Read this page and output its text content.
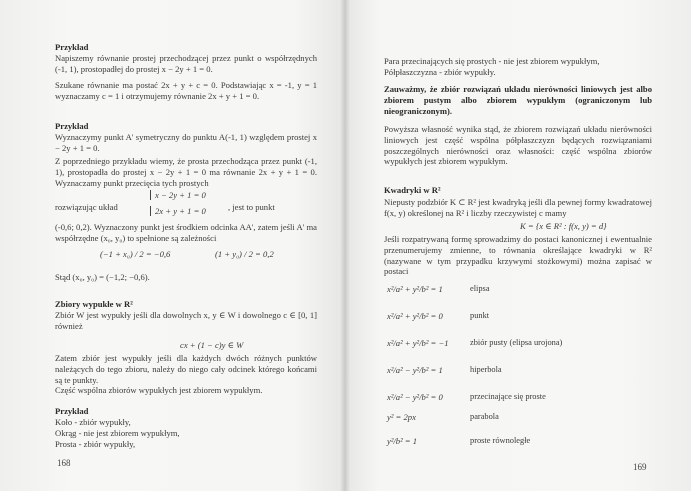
Przykład
Napiszemy równanie prostej przechodzącej przez punkt o współrzędnych (-1, 1), prostopadłej do prostej x − 2y + 1 = 0.
Szukane równanie ma postać 2x + y + c = 0. Podstawiając x = -1, y = 1 wyznaczamy c = 1 i otrzymujemy równanie 2x + y + 1 = 0.
Przykład
Wyznaczymy punkt A' symetryczny do punktu A(-1, 1) względem prostej x − 2y + 1 = 0.
Z poprzedniego przykładu wiemy, że prosta przechodząca przez punkt (-1, 1), prostopadła do prostej x − 2y + 1 = 0 ma równanie 2x + y + 1 = 0. Wyznaczamy punkt przecięcia tych prostych
rozwiązując układ
x − 2y + 1 = 0
2x + y + 1 = 0	, jest to punkt
(-0,6; 0,2). Wyznaczony punkt jest środkiem odcinka AA', zatem jeśli A' ma współrzędne (x₀, y₀) to spełnione są zależności
(−1 + x₀) / 2 = −0,6	(1 + y₀) / 2 = 0,2
Stąd (x₀, y₀) = (−1,2; −0,6).
Zbiory wypukłe w R²
Zbiór W jest wypukły jeśli dla dowolnych x, y ∈ W i dowolnego c ∈ [0, 1] również
cx + (1 − c)y ∈ W
Zatem zbiór jest wypukły jeśli dla każdych dwóch różnych punktów należących do tego zbioru, należy do niego cały odcinek którego końcami są te punkty.
Część wspólna zbiorów wypukłych jest zbiorem wypukłym.
Przykład
Koło - zbiór wypukły,
Okrąg - nie jest zbiorem wypukłym,
Prosta - zbiór wypukły,
168
Para przecinających się prostych - nie jest zbiorem wypukłym, Półpłaszczyzna - zbiór wypukły.
Zauważmy, że zbiór rozwiązań układu nierówności liniowych jest albo zbiorem pustym albo zbiorem wypukłym (ograniczonym lub nieograniczonym).
Powyższa własność wynika stąd, że zbiorem rozwiązań układu nierówności liniowych jest część wspólna półpłaszczyzn będących rozwiązaniami poszczególnych nierówności oraz własności: część wspólna zbiorów wypukłych jest zbiorem wypukłym.
Kwadryki w R²
Niepusty podzbiór K ⊂ R² jest kwadryką jeśli dla pewnej formy kwadratowej f(x, y) określonej na R² i liczby rzeczywistej c mamy
K = {x ∈ R² : f(x, y) = d}
Jeśli rozpatrywaną formę sprowadzimy do postaci kanonicznej i ewentualnie przenumerujemy zmienne, to równania określające kwadryki w R² (nazywane w tym przypadku krzywymi stożkowymi) można zapisać w postaci
x²/a² + y²/b² = 1	elipsa
x²/a² + y²/b² = 0	punkt
x²/a² + y²/b² = −1	zbiór pusty (elipsa urojona)
x²/a² − y²/b² = 1	hiperbola
x²/a² − y²/b² = 0	przecinające się proste
y² = 2px	parabola
y²/b² = 1	proste równoległe
169
